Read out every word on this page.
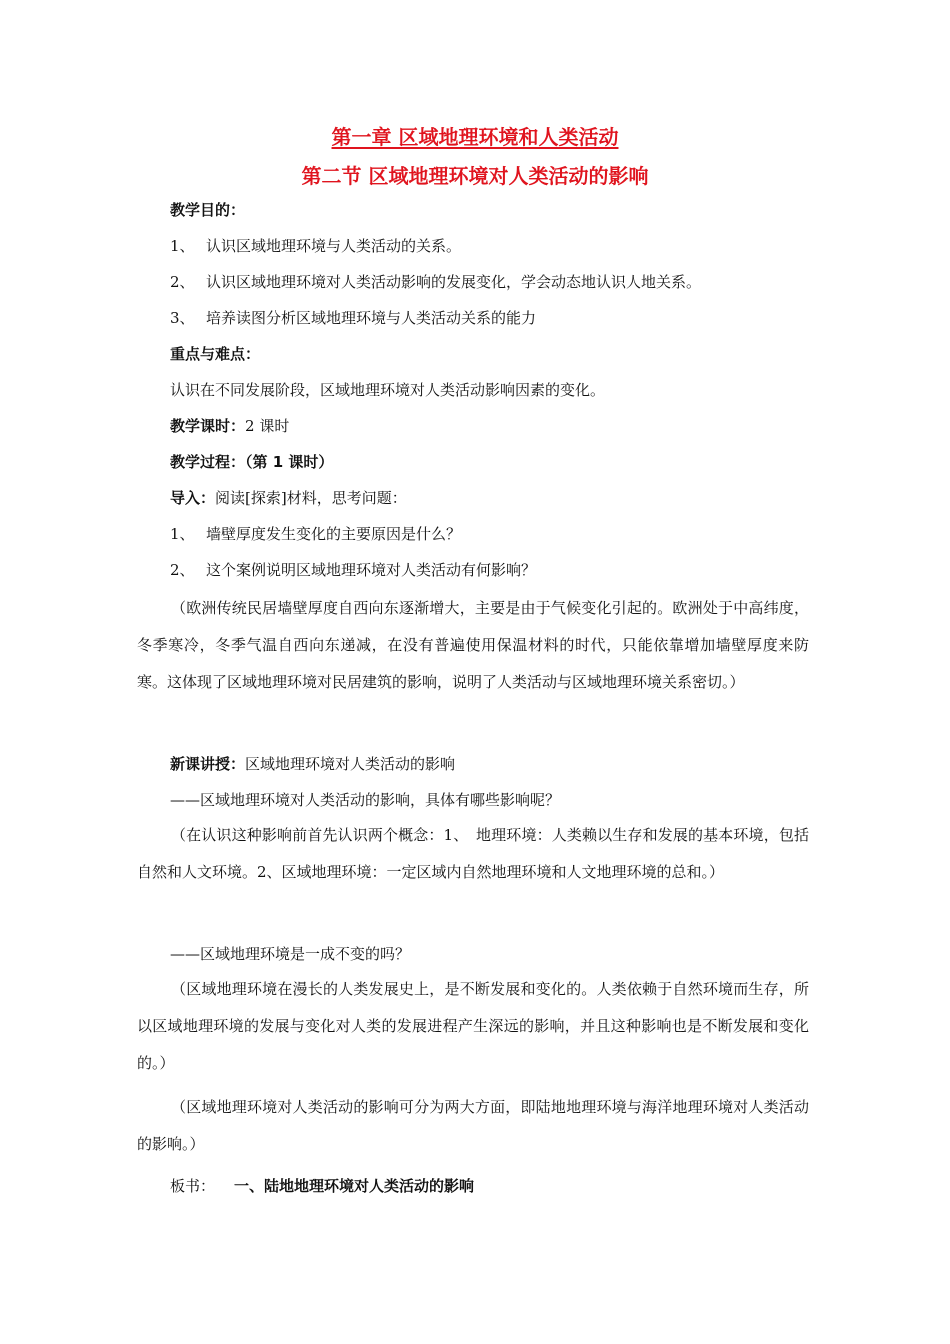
第一章 区域地理环境和人类活动
第二节 区域地理环境对人类活动的影响
教学目的：
1、 认识区域地理环境与人类活动的关系。
2、 认识区域地理环境对人类活动影响的发展变化，学会动态地认识人地关系。
3、 培养读图分析区域地理环境与人类活动关系的能力
重点与难点：
认识在不同发展阶段，区域地理环境对人类活动影响因素的变化。
教学课时：2 课时
教学过程：（第 1 课时）
导入：阅读[探索]材料，思考问题：
1、 墙壁厚度发生变化的主要原因是什么？
2、 这个案例说明区域地理环境对人类活动有何影响？
（欧洲传统民居墙壁厚度自西向东逐渐增大，主要是由于气候变化引起的。欧洲处于中高纬度，冬季寒冷，冬季气温自西向东递减，在没有普遍使用保温材料的时代，只能依靠增加墙壁厚度来防寒。这体现了区域地理环境对民居建筑的影响，说明了人类活动与区域地理环境关系密切。）
新课讲授：区域地理环境对人类活动的影响
——区域地理环境对人类活动的影响，具体有哪些影响呢？
（在认识这种影响前首先认识两个概念：1、　地理环境：人类赖以生存和发展的基本环境，包括自然和人文环境。2、区域地理环境：一定区域内自然地理环境和人文地理环境的总和。）
——区域地理环境是一成不变的吗？
（区域地理环境在漫长的人类发展史上，是不断发展和变化的。人类依赖于自然环境而生存，所以区域地理环境的发展与变化对人类的发展进程产生深远的影响，并且这种影响也是不断发展和变化的。）
（区域地理环境对人类活动的影响可分为两大方面，即陆地地理环境与海洋地理环境对人类活动的影响。）
板书： 一、陆地地理环境对人类活动的影响
